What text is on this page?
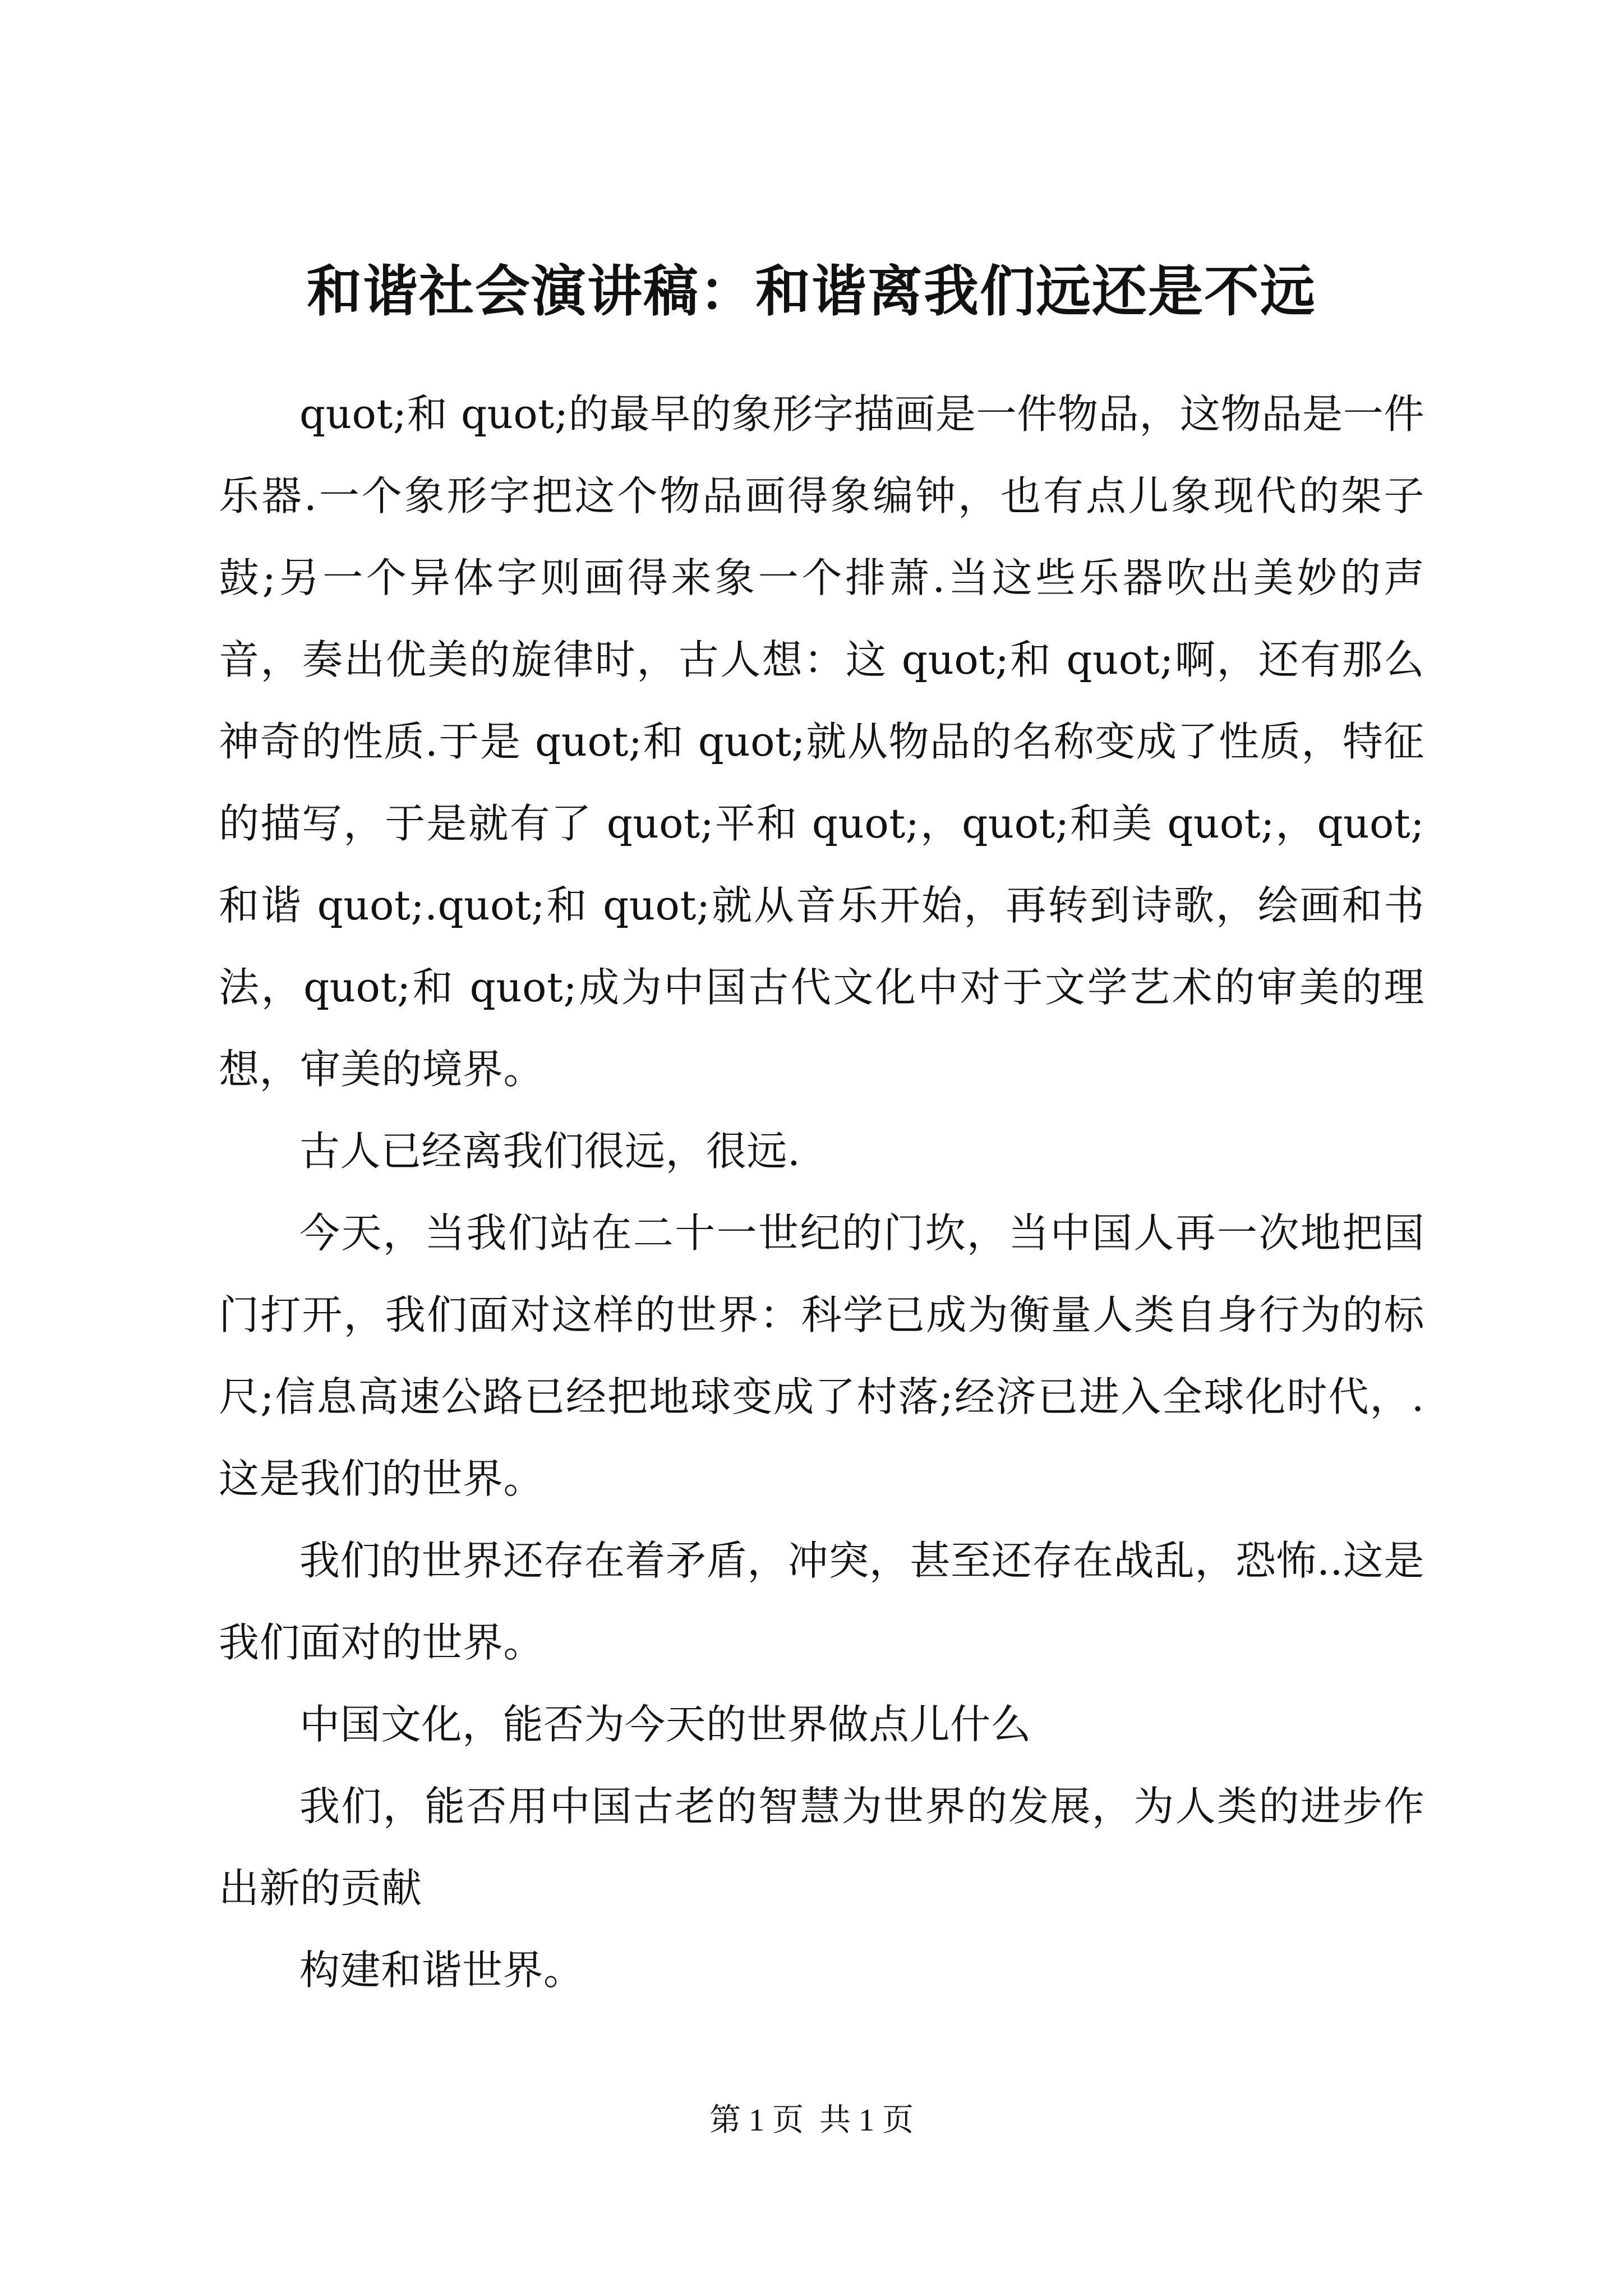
和谐社会演讲稿：和谐离我们远还是不远

quot;和 quot;的最早的象形字描画是一件物品，这物品是一件乐器.一个象形字把这个物品画得象编钟，也有点儿象现代的架子鼓;另一个异体字则画得来象一个排萧.当这些乐器吹出美妙的声音，奏出优美的旋律时，古人想：这 quot;和 quot;啊，还有那么神奇的性质.于是 quot;和 quot;就从物品的名称变成了性质，特征的描写，于是就有了 quot;平和 quot;，quot;和美 quot;，quot;和谐 quot;.quot;和 quot;就从音乐开始，再转到诗歌，绘画和书法，quot;和 quot;成为中国古代文化中对于文学艺术的审美的理想，审美的境界。

古人已经离我们很远，很远.

今天，当我们站在二十一世纪的门坎，当中国人再一次地把国门打开，我们面对这样的世界：科学已成为衡量人类自身行为的标尺;信息高速公路已经把地球变成了村落;经济已进入全球化时代，.这是我们的世界。

我们的世界还存在着矛盾，冲突，甚至还存在战乱，恐怖..这是我们面对的世界。

中国文化，能否为今天的世界做点儿什么

我们，能否用中国古老的智慧为世界的发展，为人类的进步作出新的贡献

构建和谐世界。

第 1 页  共 1 页
